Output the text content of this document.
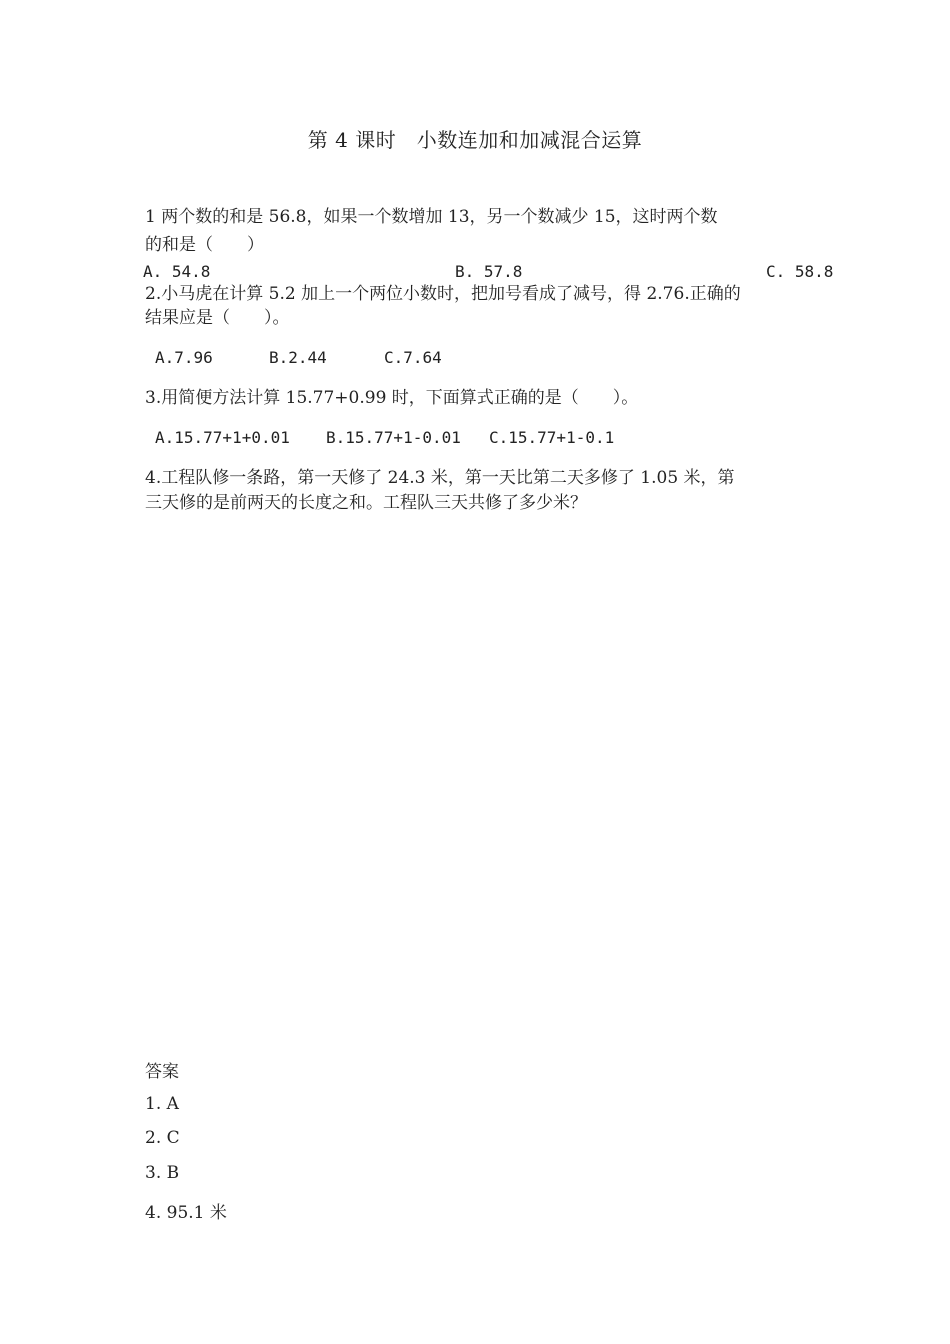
第 4 课时　小数连加和加减混合运算
1 两个数的和是 56.8，如果一个数增加 13，另一个数减少 15，这时两个数
的和是（　　）
A. 54.8	B. 57.8	C. 58.8
2.小马虎在计算 5.2 加上一个两位小数时，把加号看成了减号，得 2.76.正确的
结果应是（　　）。
A.7.96	B.2.44	C.7.64
3.用简便方法计算 15.77+0.99 时，下面算式正确的是（　　）。
A.15.77+1+0.01 B.15.77+1-0.01 C.15.77+1-0.1
4.工程队修一条路，第一天修了 24.3 米，第一天比第二天多修了 1.05 米，第
三天修的是前两天的长度之和。工程队三天共修了多少米？
答案
1. A
2. C
3. B
4. 95.1 米
